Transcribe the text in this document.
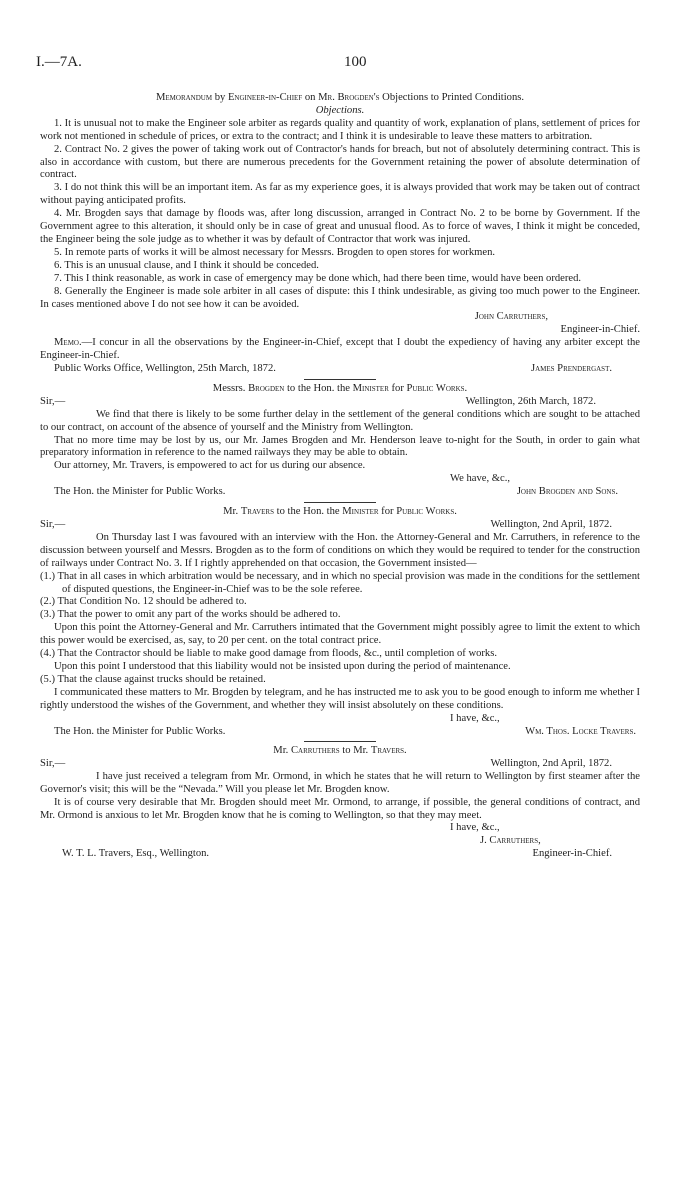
I.—7A.	100

Memorandum by Engineer-in-Chief on Mr. Brogden's Objections to Printed Conditions.

Objections.

1. It is unusual not to make the Engineer sole arbiter as regards quality and quantity of work, explanation of plans, settlement of prices for work not mentioned in schedule of prices, or extra to the contract; and I think it is undesirable to leave these matters to arbitration.

2. Contract No. 2 gives the power of taking work out of Contractor's hands for breach, but not of absolutely determining contract. This is also in accordance with custom, but there are numerous precedents for the Government retaining the power of absolute determination of contract.

3. I do not think this will be an important item. As far as my experience goes, it is always provided that work may be taken out of contract without paying anticipated profits.

4. Mr. Brogden says that damage by floods was, after long discussion, arranged in Contract No. 2 to be borne by Government. If the Government agree to this alteration, it should only be in case of great and unusual flood. As to force of waves, I think it might be conceded, the Engineer being the sole judge as to whether it was by default of Contractor that work was injured.

5. In remote parts of works it will be almost necessary for Messrs. Brogden to open stores for workmen.

6. This is an unusual clause, and I think it should be conceded.

7. This I think reasonable, as work in case of emergency may be done which, had there been time, would have been ordered.

8. Generally the Engineer is made sole arbiter in all cases of dispute: this I think undesirable, as giving too much power to the Engineer. In cases mentioned above I do not see how it can be avoided.

John Carruthers,

Engineer-in-Chief.

Memo.—I concur in all the observations by the Engineer-in-Chief, except that I doubt the expediency of having any arbiter except the Engineer-in-Chief.

Public Works Office, Wellington, 25th March, 1872.	James Prendergast.

Messrs. Brogden to the Hon. the Minister for Public Works.

Sir,—	Wellington, 26th March, 1872.

We find that there is likely to be some further delay in the settlement of the general conditions which are sought to be attached to our contract, on account of the absence of yourself and the Ministry from Wellington.

That no more time may be lost by us, our Mr. James Brogden and Mr. Henderson leave to-night for the South, in order to gain what preparatory information in reference to the named railways they may be able to obtain.

Our attorney, Mr. Travers, is empowered to act for us during our absence.

We have, &c.,

The Hon. the Minister for Public Works.	John Brogden and Sons.

Mr. Travers to the Hon. the Minister for Public Works.

Sir,—	Wellington, 2nd April, 1872.

On Thursday last I was favoured with an interview with the Hon. the Attorney-General and Mr. Carruthers, in reference to the discussion between yourself and Messrs. Brogden as to the form of conditions on which they would be required to tender for the construction of railways under Contract No. 3. If I rightly apprehended on that occasion, the Government insisted—

(1.) That in all cases in which arbitration would be necessary, and in which no special provision was made in the conditions for the settlement of disputed questions, the Engineer-in-Chief was to be the sole referee.

(2.) That Condition No. 12 should be adhered to.

(3.) That the power to omit any part of the works should be adhered to.

Upon this point the Attorney-General and Mr. Carruthers intimated that the Government might possibly agree to limit the extent to which this power would be exercised, as, say, to 20 per cent. on the total contract price.

(4.) That the Contractor should be liable to make good damage from floods, &c., until completion of works.

Upon this point I understood that this liability would not be insisted upon during the period of maintenance.

(5.) That the clause against trucks should be retained.

I communicated these matters to Mr. Brogden by telegram, and he has instructed me to ask you to be good enough to inform me whether I rightly understood the wishes of the Government, and whether they will insist absolutely on these conditions.

I have, &c.,

The Hon. the Minister for Public Works.	Wm. Thos. Locke Travers.

Mr. Carruthers to Mr. Travers.

Sir,—	Wellington, 2nd April, 1872.

I have just received a telegram from Mr. Ormond, in which he states that he will return to Wellington by first steamer after the Governor's visit; this will be the “Nevada.” Will you please let Mr. Brogden know.

It is of course very desirable that Mr. Brogden should meet Mr. Ormond, to arrange, if possible, the general conditions of contract, and Mr. Ormond is anxious to let Mr. Brogden know that he is coming to Wellington, so that they may meet.

I have, &c.,

J. Carruthers,

W. T. L. Travers, Esq., Wellington.	Engineer-in-Chief.
